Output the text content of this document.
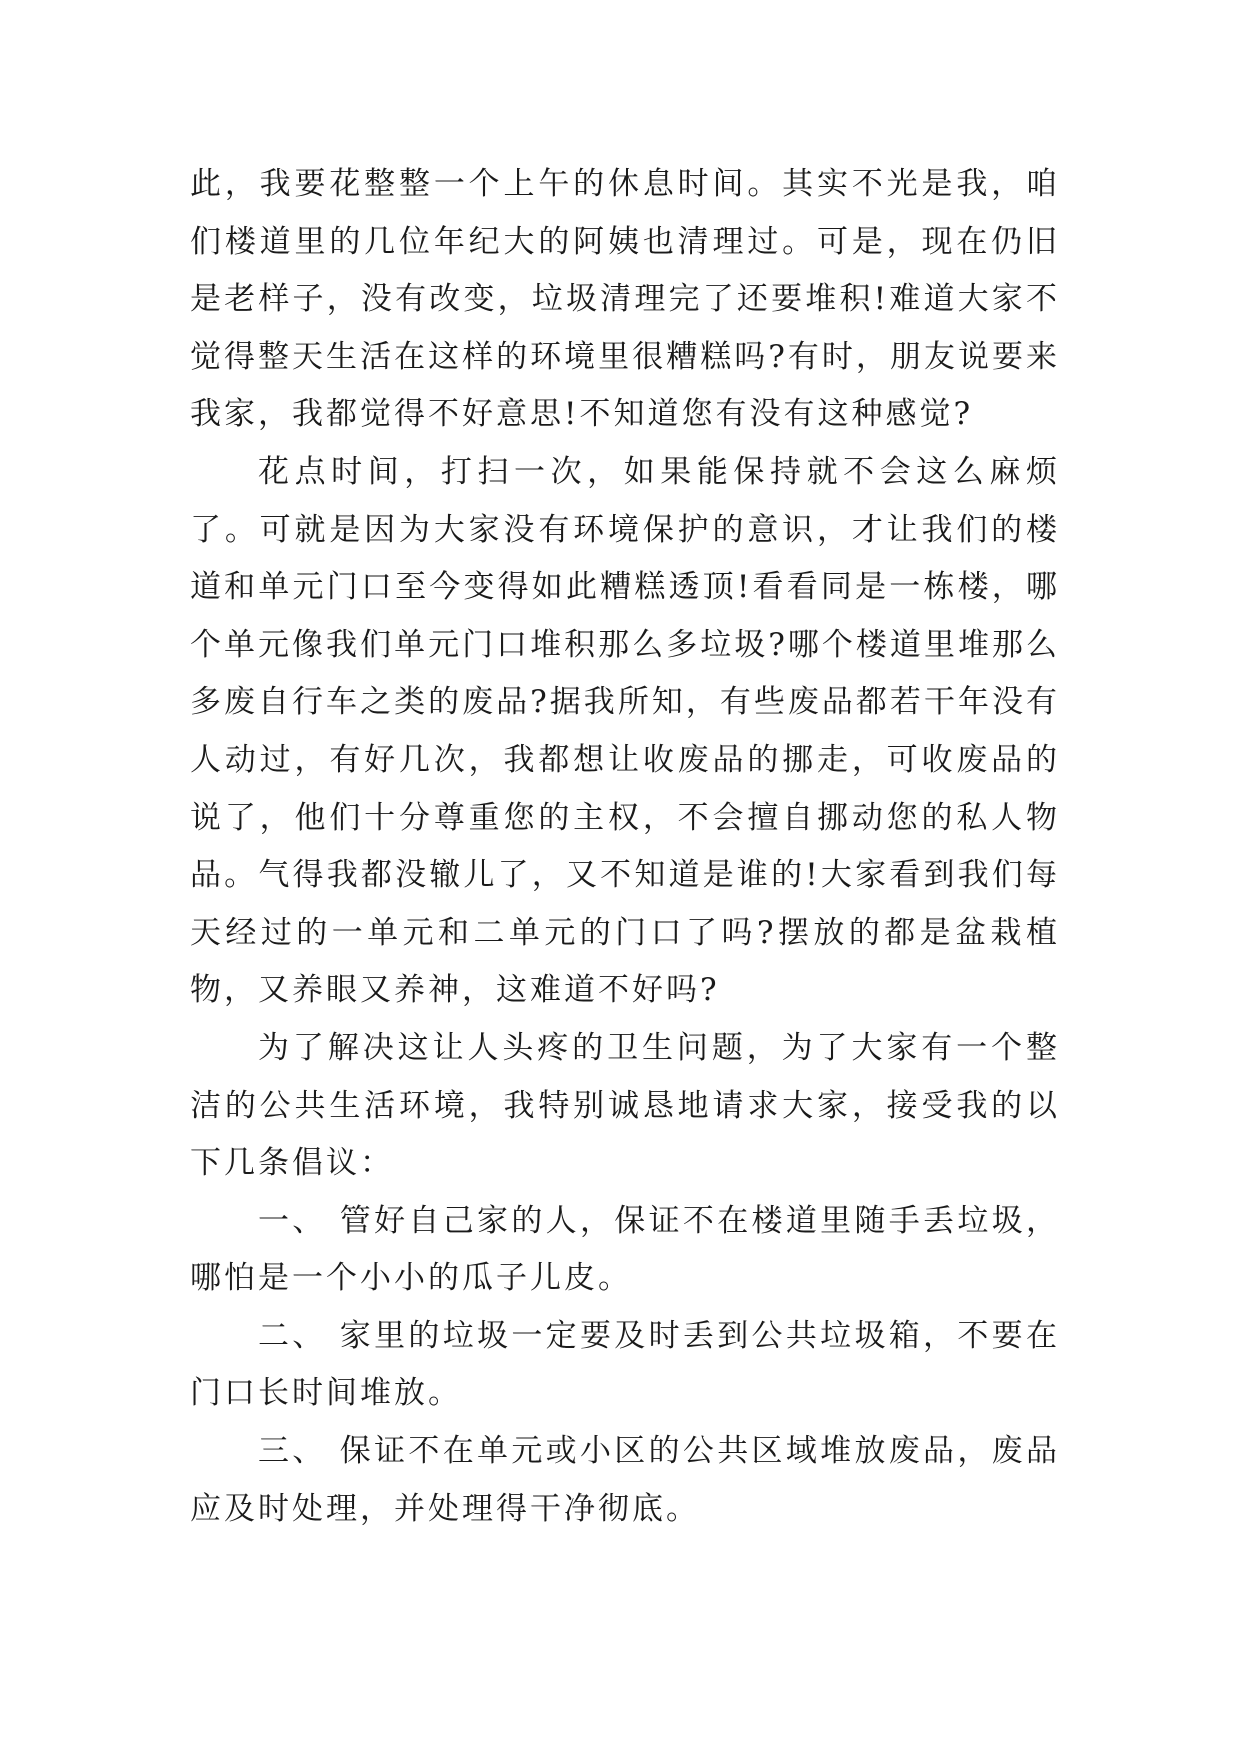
此，我要花整整一个上午的休息时间。其实不光是我，咱们楼道里的几位年纪大的阿姨也清理过。可是，现在仍旧是老样子，没有改变，垃圾清理完了还要堆积!难道大家不觉得整天生活在这样的环境里很糟糕吗?有时，朋友说要来我家，我都觉得不好意思!不知道您有没有这种感觉?

花点时间，打扫一次，如果能保持就不会这么麻烦了。可就是因为大家没有环境保护的意识，才让我们的楼道和单元门口至今变得如此糟糕透顶!看看同是一栋楼，哪个单元像我们单元门口堆积那么多垃圾?哪个楼道里堆那么多废自行车之类的废品?据我所知，有些废品都若干年没有人动过，有好几次，我都想让收废品的挪走，可收废品的说了，他们十分尊重您的主权，不会擅自挪动您的私人物品。气得我都没辙儿了，又不知道是谁的!大家看到我们每天经过的一单元和二单元的门口了吗?摆放的都是盆栽植物，又养眼又养神，这难道不好吗?

为了解决这让人头疼的卫生问题，为了大家有一个整洁的公共生活环境，我特别诚恳地请求大家，接受我的以下几条倡议：

一、 管好自己家的人，保证不在楼道里随手丢垃圾，哪怕是一个小小的瓜子儿皮。

二、 家里的垃圾一定要及时丢到公共垃圾箱，不要在门口长时间堆放。

三、 保证不在单元或小区的公共区域堆放废品，废品应及时处理，并处理得干净彻底。
